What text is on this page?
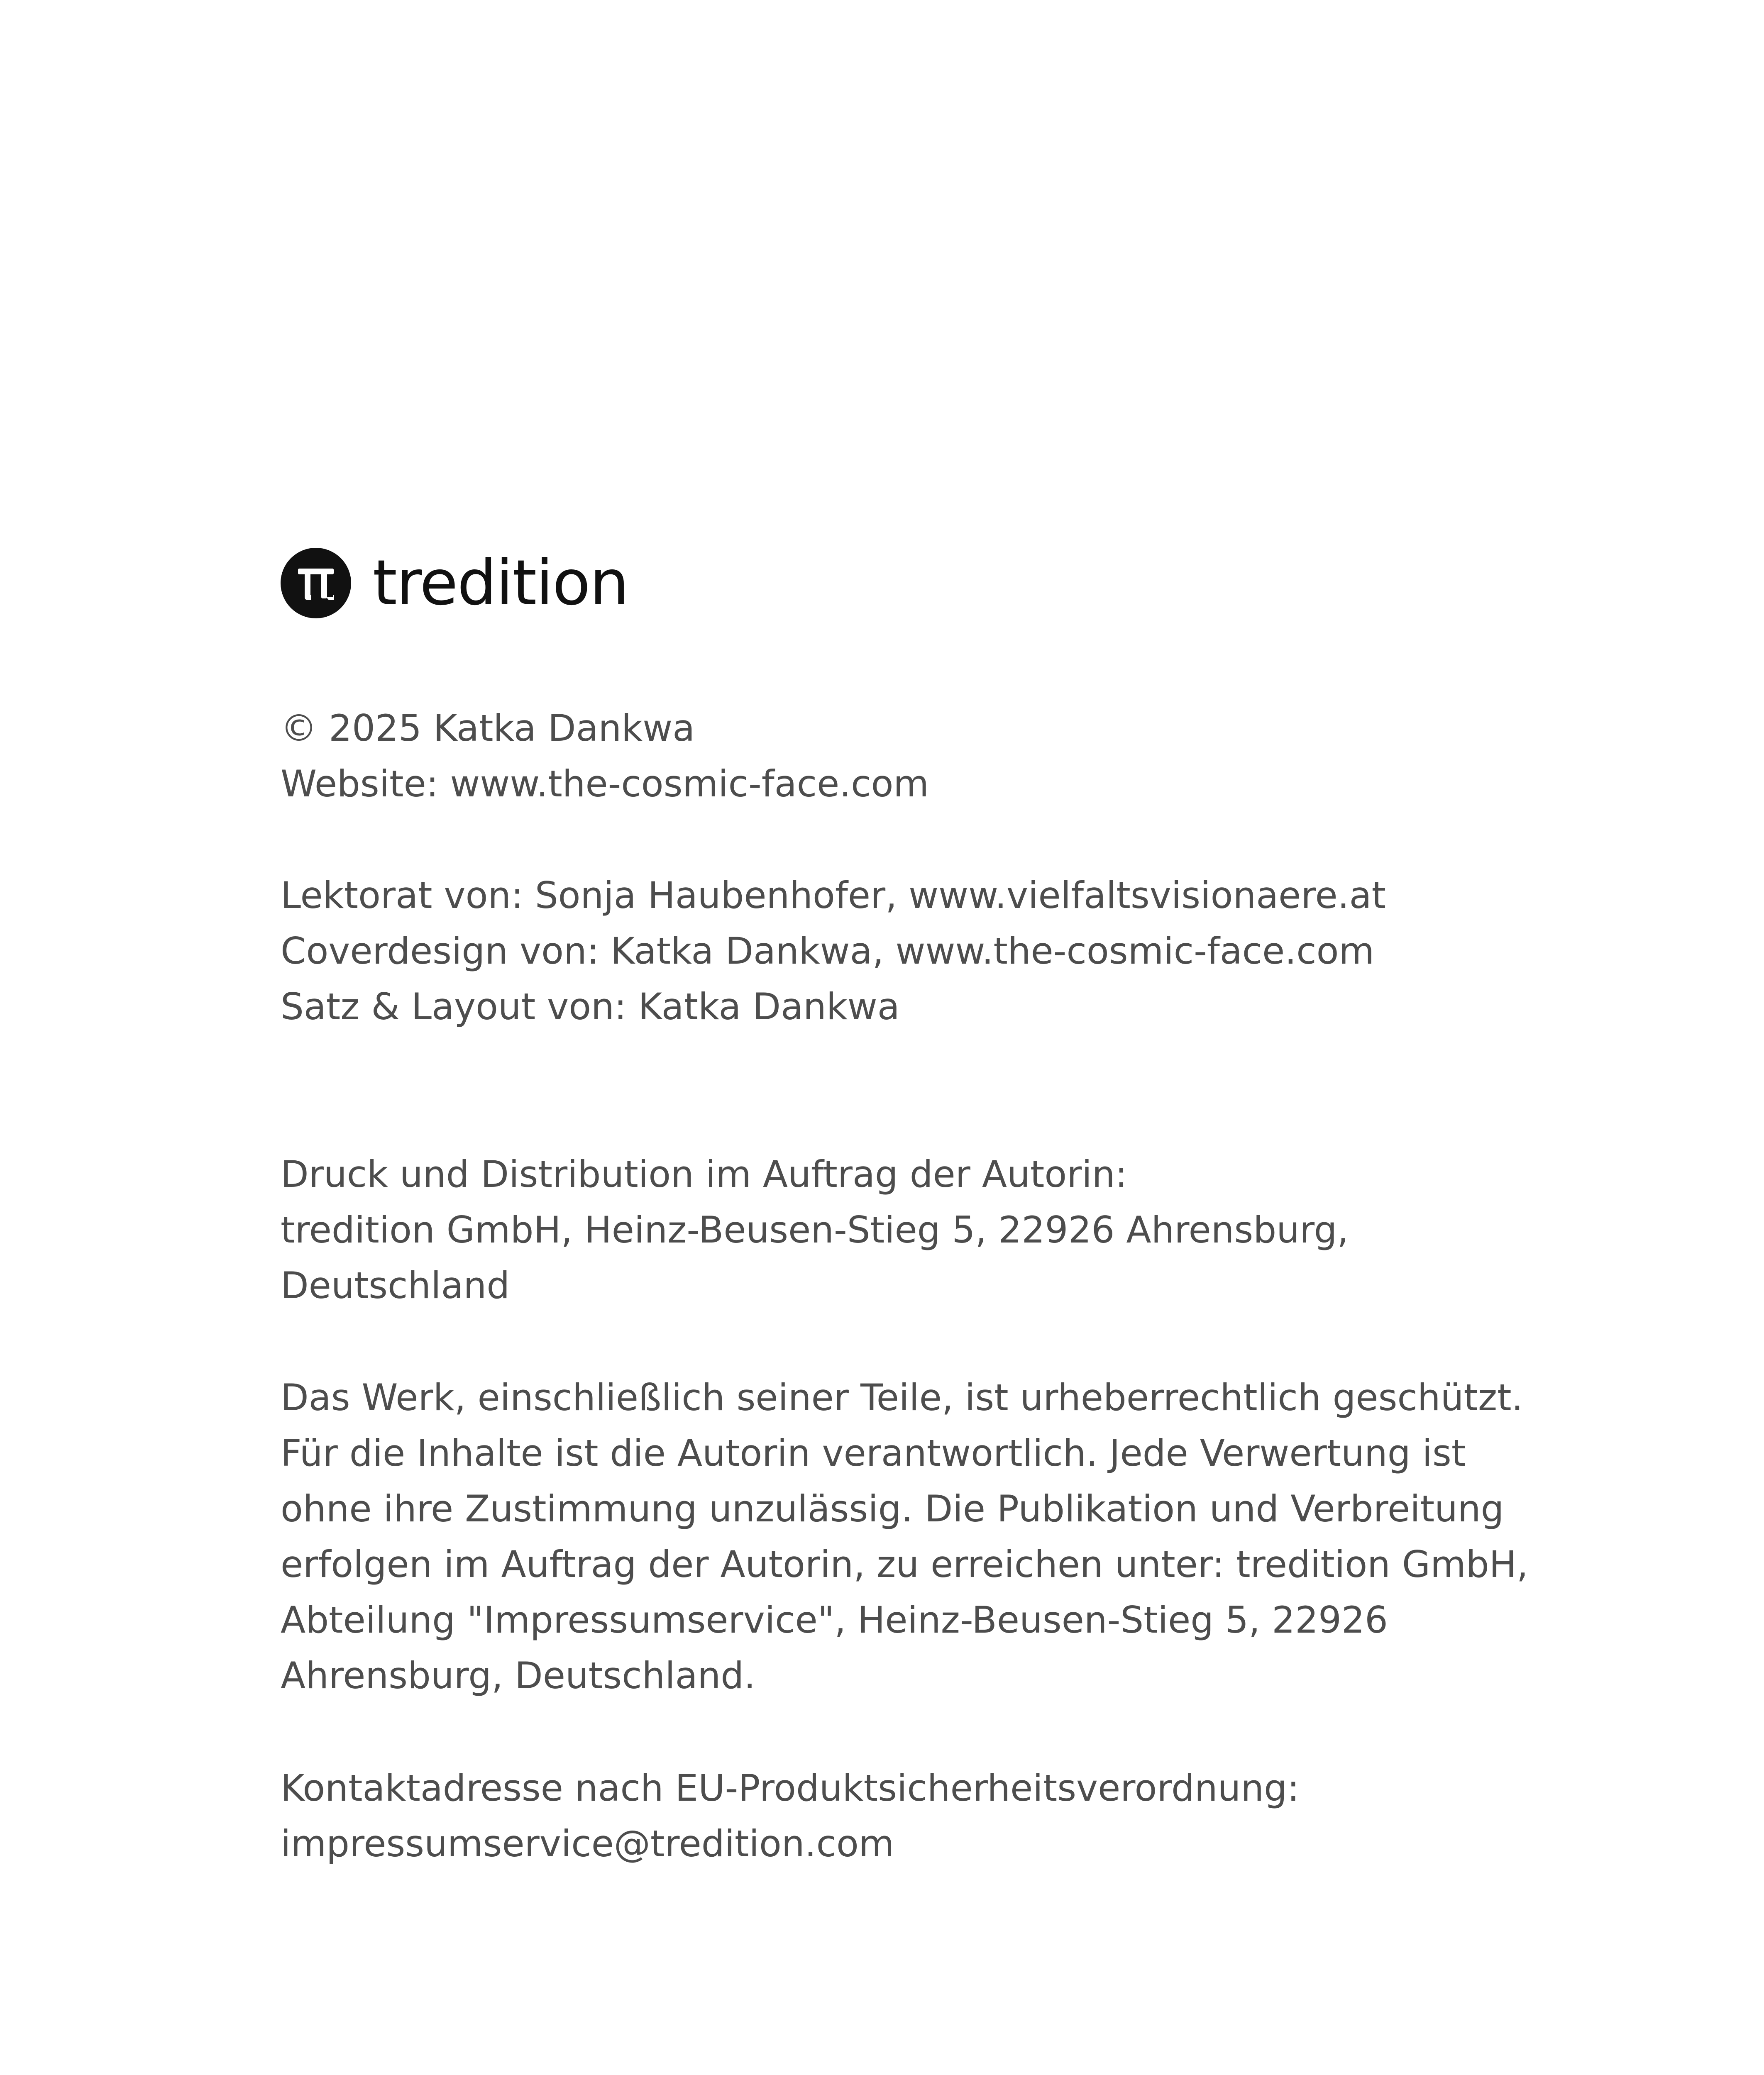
tredition
© 2025 Katka Dankwa
Website: www.the-cosmic-face.com
Lektorat von: Sonja Haubenhofer, www.vielfaltsvisionaere.at
Coverdesign von: Katka Dankwa, www.the-cosmic-face.com
Satz & Layout von: Katka Dankwa
Druck und Distribution im Auftrag der Autorin:
tredition GmbH, Heinz-Beusen-Stieg 5, 22926 Ahrensburg,
Deutschland
Das Werk, einschließlich seiner Teile, ist urheberrechtlich geschützt.
Für die Inhalte ist die Autorin verantwortlich. Jede Verwertung ist
ohne ihre Zustimmung unzulässig. Die Publikation und Verbreitung
erfolgen im Auftrag der Autorin, zu erreichen unter: tredition GmbH,
Abteilung "Impressumservice", Heinz-Beusen-Stieg 5, 22926
Ahrensburg, Deutschland.
Kontaktadresse nach EU-Produktsicherheitsverordnung:
impressumservice@tredition.com
